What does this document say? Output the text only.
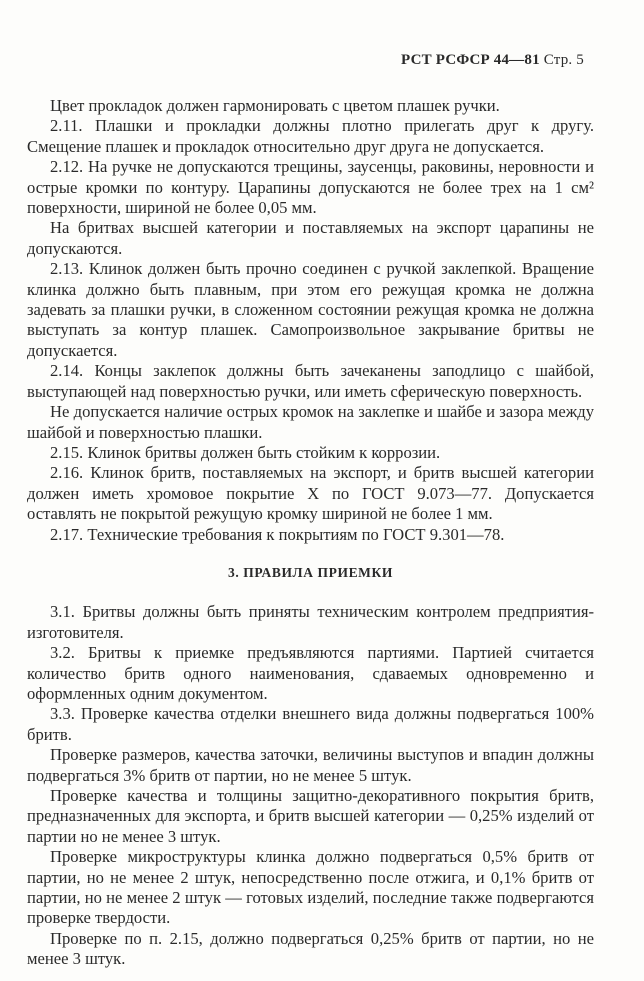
РСТ РСФСР 44—81 Стр. 5

Цвет прокладок должен гармонировать с цветом плашек ручки.

2.11. Плашки и прокладки должны плотно прилегать друг к другу. Смещение плашек и прокладок относительно друг друга не допускается.

2.12. На ручке не допускаются трещины, заусенцы, раковины, неровности и острые кромки по контуру. Царапины допускаются не более трех на 1 см² поверхности, шириной не более 0,05 мм.

На бритвах высшей категории и поставляемых на экспорт царапины не допускаются.

2.13. Клинок должен быть прочно соединен с ручкой заклепкой. Вращение клинка должно быть плавным, при этом его режущая кромка не должна задевать за плашки ручки, в сложенном состоянии режущая кромка не должна выступать за контур плашек. Самопроизвольное закрывание бритвы не допускается.

2.14. Концы заклепок должны быть зачеканены заподлицо с шайбой, выступающей над поверхностью ручки, или иметь сферическую поверхность.

Не допускается наличие острых кромок на заклепке и шайбе и зазора между шайбой и поверхностью плашки.

2.15. Клинок бритвы должен быть стойким к коррозии.

2.16. Клинок бритв, поставляемых на экспорт, и бритв высшей категории должен иметь хромовое покрытие Х по ГОСТ 9.073—77. Допускается оставлять не покрытой режущую кромку шириной не более 1 мм.

2.17. Технические требования к покрытиям по ГОСТ 9.301—78.

3. ПРАВИЛА ПРИЕМКИ

3.1. Бритвы должны быть приняты техническим контролем предприятия-изготовителя.

3.2. Бритвы к приемке предъявляются партиями. Партией считается количество бритв одного наименования, сдаваемых одновременно и оформленных одним документом.

3.3. Проверке качества отделки внешнего вида должны подвергаться 100% бритв.

Проверке размеров, качества заточки, величины выступов и впадин должны подвергаться 3% бритв от партии, но не менее 5 штук.

Проверке качества и толщины защитно-декоративного покрытия бритв, предназначенных для экспорта, и бритв высшей категории — 0,25% изделий от партии но не менее 3 штук.

Проверке микроструктуры клинка должно подвергаться 0,5% бритв от партии, но не менее 2 штук, непосредственно после отжига, и 0,1% бритв от партии, но не менее 2 штук — готовых изделий, последние также подвергаются проверке твердости.

Проверке по п. 2.15, должно подвергаться 0,25% бритв от партии, но не менее 3 штук.
